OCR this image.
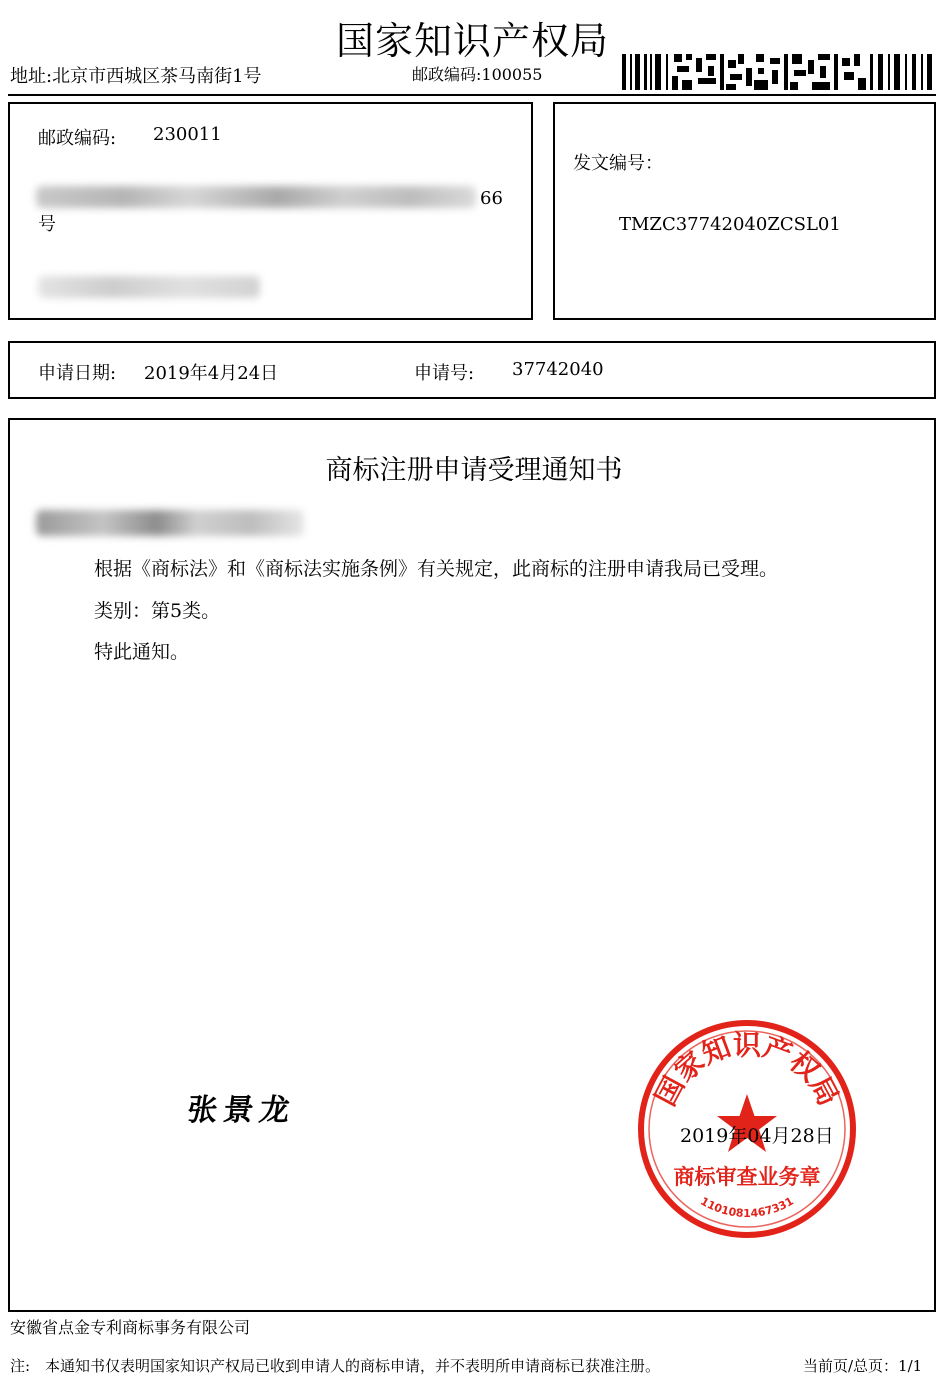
国家知识产权局
地址:北京市西城区茶马南街1号	邮政编码:100055
邮政编码: 230011
66
号
发文编号：
TMZC37742040ZCSL01
申请日期: 2019年4月24日	申请号: 37742040
商标注册申请受理通知书
根据《商标法》和《商标法实施条例》有关规定，此商标的注册申请我局已受理。
类别：第5类。
特此通知。
张景龙	国家知识产权局
商标审查业务章
1101081467331
2019年04月28日
安徽省点金专利商标事务有限公司
注:　本通知书仅表明国家知识产权局已收到申请人的商标申请，并不表明所申请商标已获准注册。	当前页/总页：1/1
